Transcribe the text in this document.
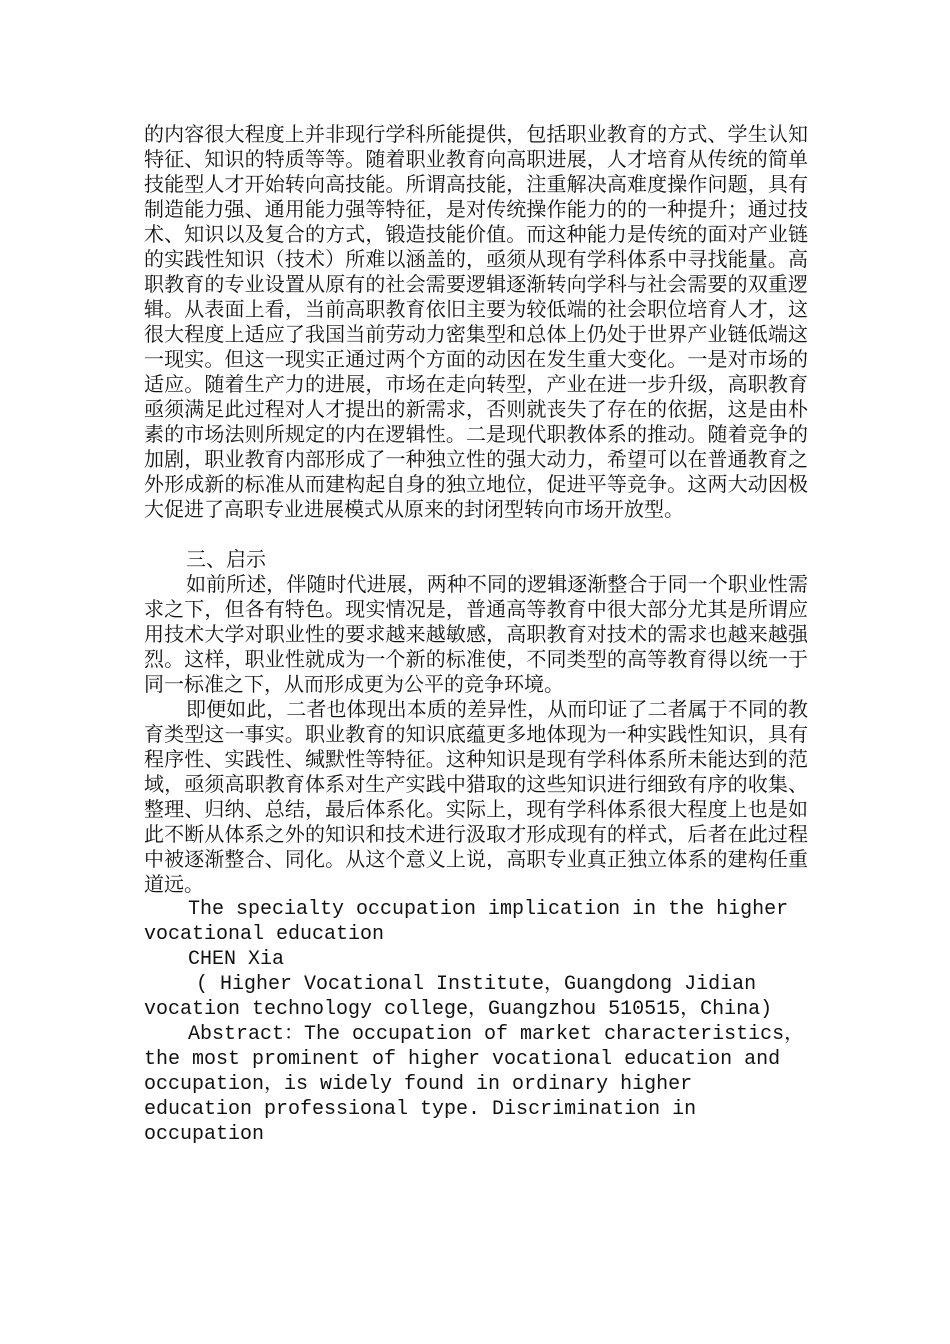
的内容很大程度上并非现行学科所能提供，包括职业教育的方式、学生认知特征、知识的特质等等。随着职业教育向高职进展，人才培育从传统的简单技能型人才开始转向高技能。所谓高技能，注重解决高难度操作问题，具有制造能力强、通用能力强等特征，是对传统操作能力的的一种提升；通过技术、知识以及复合的方式，锻造技能价值。而这种能力是传统的面对产业链的实践性知识（技术）所难以涵盖的，亟须从现有学科体系中寻找能量。高职教育的专业设置从原有的社会需要逻辑逐渐转向学科与社会需要的双重逻辑。从表面上看，当前高职教育依旧主要为较低端的社会职位培育人才，这很大程度上适应了我国当前劳动力密集型和总体上仍处于世界产业链低端这一现实。但这一现实正通过两个方面的动因在发生重大变化。一是对市场的适应。随着生产力的进展，市场在走向转型，产业在进一步升级，高职教育亟须满足此过程对人才提出的新需求，否则就丧失了存在的依据，这是由朴素的市场法则所规定的内在逻辑性。二是现代职教体系的推动。随着竞争的加剧，职业教育内部形成了一种独立性的强大动力，希望可以在普通教育之外形成新的标准从而建构起自身的独立地位，促进平等竞争。这两大动因极大促进了高职专业进展模式从原来的封闭型转向市场开放型。

三、启示

如前所述，伴随时代进展，两种不同的逻辑逐渐整合于同一个职业性需求之下，但各有特色。现实情况是，普通高等教育中很大部分尤其是所谓应用技术大学对职业性的要求越来越敏感，高职教育对技术的需求也越来越强烈。这样，职业性就成为一个新的标准使，不同类型的高等教育得以统一于同一标准之下，从而形成更为公平的竞争环境。

即便如此，二者也体现出本质的差异性，从而印证了二者属于不同的教育类型这一事实。职业教育的知识底蕴更多地体现为一种实践性知识，具有程序性、实践性、缄默性等特征。这种知识是现有学科体系所未能达到的范域，亟须高职教育体系对生产实践中猎取的这些知识进行细致有序的收集、整理、归纳、总结，最后体系化。实际上，现有学科体系很大程度上也是如此不断从体系之外的知识和技术进行汲取才形成现有的样式，后者在此过程中被逐渐整合、同化。从这个意义上说，高职专业真正独立体系的建构任重道远。

The specialty occupation implication in the higher vocational education

CHEN Xia

( Higher Vocational Institute，Guangdong Jidian vocation technology college，Guangzhou 510515，China)

Abstract：The occupation of market characteristics，the most prominent of higher vocational education and occupation，is widely found in ordinary higher education professional type. Discrimination in occupation
